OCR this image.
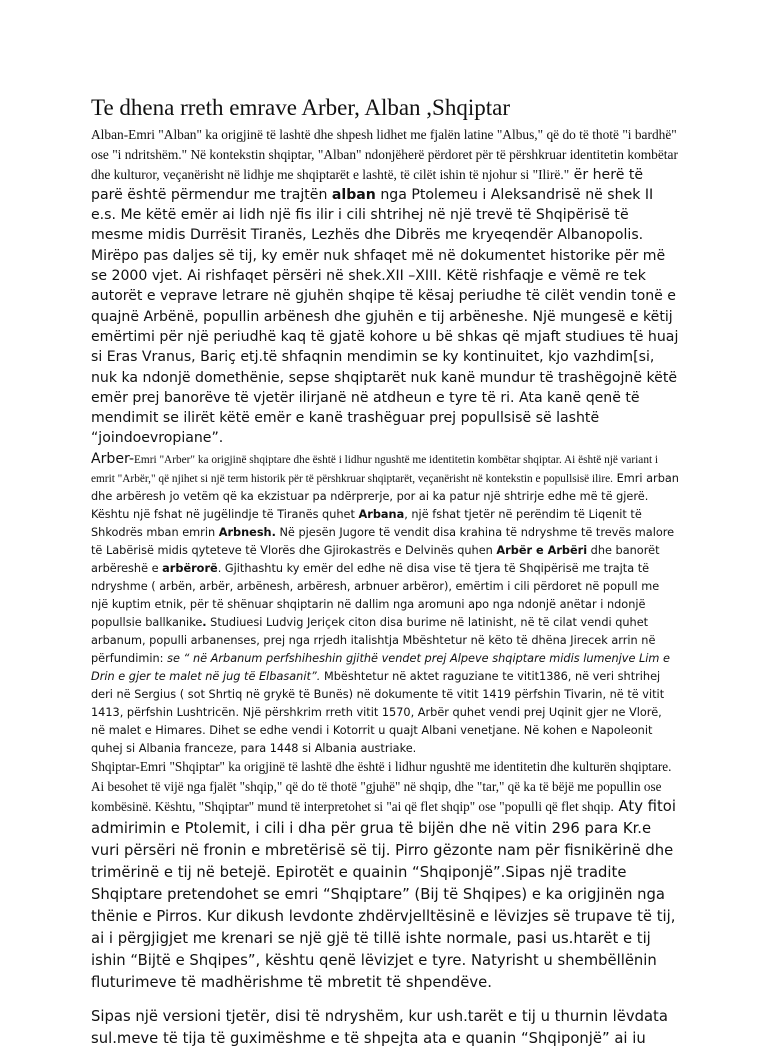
Te dhena rreth emrave Arber, Alban ,Shqiptar

Alban-Emri "Alban" ka origjinë të lashtë dhe shpesh lidhet me fjalën latine "Albus," që do të thotë "i bardhë" ose "i ndritshëm." Në kontekstin shqiptar, "Alban" ndonjëherë përdoret për të përshkruar identitetin kombëtar dhe kulturor, veçanërisht në lidhje me shqiptarët e lashtë, të cilët ishin të njohur si "Ilirë." ër herë të parë është përmendur me trajtën alban nga Ptolemeu i Aleksandrisë në shek II e.s. Me këtë emër ai lidh një fis ilir i cili shtrihej në një trevë të Shqipërisë të mesme midis Durrësit Tiranës, Lezhës dhe Dibrës me kryeqendër Albanopolis. Mirëpo pas daljes së tij, ky emër nuk shfaqet më në dokumentet historike për më se 2000 vjet. Ai rishfaqet përsëri në shek.XII –XIII. Këtë rishfaqje e vëmë re tek autorët e veprave letrare në gjuhën shqipe të kësaj periudhe të cilët vendin tonë e quajnë Arbënë, popullin arbënesh dhe gjuhën e tij arbëneshe. Një mungesë e këtij emërtimi për një periudhë kaq të gjatë kohore u bë shkas që mjaft studiues të huaj si Eras Vranus, Bariç etj.të shfaqnin mendimin se ky kontinuitet, kjo vazhdim[si, nuk ka ndonjë domethënie, sepse shqiptarët nuk kanë mundur të trashëgojnë këtë emër prej banorëve të vjetër ilirjanë në atdheun e tyre të ri. Ata kanë qenë të mendimit se ilirët këtë emër e kanë trashëguar prej popullsisë së lashtë “joindoevropiane”.

Arber-Emri "Arber" ka origjinë shqiptare dhe është i lidhur ngushtë me identitetin kombëtar shqiptar. Ai është një variant i emrit "Arbër," që njihet si një term historik për të përshkruar shqiptarët, veçanërisht në kontekstin e popullsisë ilire. Emri arban dhe arbëresh jo vetëm që ka ekzistuar pa ndërprerje, por ai ka patur një shtrirje edhe më të gjerë. Kështu një fshat në jugëlindje të Tiranës quhet Arbana, një fshat tjetër në perëndim të Liqenit të Shkodrës mban emrin Arbnesh. Në pjesën Jugore të vendit disa krahina të ndryshme të trevës malore të Labërisë midis qyteteve të Vlorës dhe Gjirokastrës e Delvinës quhen Arbër e Arbëri dhe banorët arbëreshë e arbërorë. Gjithashtu ky emër del edhe në disa vise të tjera të Shqipërisë me trajta të ndryshme ( arbën, arbër, arbënesh, arbëresh, arbnuer arbëror), emërtim i cili përdoret në popull me një kuptim etnik, për të shënuar shqiptarin në dallim nga aromuni apo nga ndonjë anëtar i ndonjë popullsie ballkanike. Studiuesi Ludvig Jeriçek citon disa burime në latinisht, në të cilat vendi quhet arbanum, populli arbanenses, prej nga rrjedh italishtja Mbështetur në këto të dhëna Jirecek arrin në përfundimin: se “ në Arbanum perfshiheshin gjithë vendet prej Alpeve shqiptare midis lumenjve Lim e Drin e gjer te malet në jug të Elbasanit”. Mbështetur në aktet raguziane te vitit1386, në veri shtrihej deri në Sergius ( sot Shrtiq në grykë të Bunës) në dokumente të vitit 1419 përfshin Tivarin, në të vitit 1413, përfshin Lushtricën. Një përshkrim rreth vitit 1570, Arbër quhet vendi prej Uqinit gjer ne Vlorë, në malet e Himares. Dihet se edhe vendi i Kotorrit u quajt Albani venetjane. Në kohen e Napoleonit quhej si Albania franceze, para 1448 si Albania austriake.

Shqiptar-Emri "Shqiptar" ka origjinë të lashtë dhe është i lidhur ngushtë me identitetin dhe kulturën shqiptare. Ai besohet të vijë nga fjalët "shqip," që do të thotë "gjuhë" në shqip, dhe "tar," që ka të bëjë me popullin ose kombësinë. Kështu, "Shqiptar" mund të interpretohet si "ai që flet shqip" ose "populli që flet shqip. Aty fitoi admirimin e Ptolemit, i cili i dha për grua të bijën dhe në vitin 296 para Kr.e vuri përsëri në fronin e mbretërisë së tij. Pirro gëzonte nam për fisnikërinë dhe trimërinë e tij në betejë. Epirotët e quainin “Shqiponjë”.Sipas një tradite Shqiptare pretendohet se emri “Shqiptare” (Bij të Shqipes) e ka origjinën nga thënie e Pirros. Kur dikush levdonte zhdërvjelltësinë e lëvizjes së trupave të tij, ai i përgjigjet me krenari se një gjë të tillë ishte normale, pasi us.htarët e tij ishin “Bijtë e Shqipes”, kështu qenë lëvizjet e tyre. Natyrisht u shembëllënin fluturimeve të madhërishme të mbretit të shpendëve.

Sipas një versioni tjetër, disi të ndryshëm, kur ush.tarët e tij u thurnin lëvdata sul.meve të tija të guximëshme e të shpejta ata e quanin “Shqiponjë” ai iu
